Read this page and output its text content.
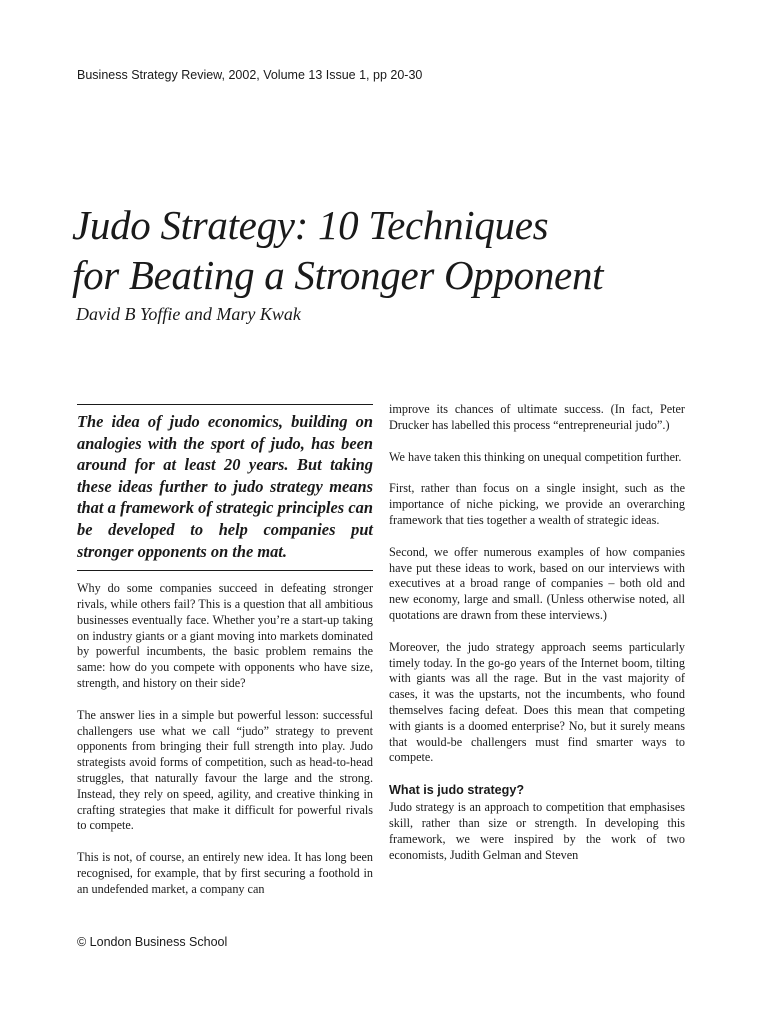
Business Strategy Review, 2002, Volume 13 Issue 1, pp 20-30
Judo Strategy: 10 Techniques
for Beating a Stronger Opponent
David B Yoffie and Mary Kwak

The idea of judo economics, building on analogies with the sport of judo, has been around for at least 20 years. But taking these ideas further to judo strategy means that a framework of strategic principles can be developed to help companies put stronger opponents on the mat.

Why do some companies succeed in defeating stronger rivals, while others fail? This is a question that all ambitious businesses eventually face. Whether you’re a start-up taking on industry giants or a giant moving into markets dominated by powerful incumbents, the basic problem remains the same: how do you compete with opponents who have size, strength, and history on their side?

The answer lies in a simple but powerful lesson: successful challengers use what we call “judo” strategy to prevent opponents from bringing their full strength into play. Judo strategists avoid forms of competition, such as head-to-head struggles, that naturally favour the large and the strong. Instead, they rely on speed, agility, and creative thinking in crafting strategies that make it difficult for powerful rivals to compete.

This is not, of course, an entirely new idea. It has long been recognised, for example, that by first securing a foothold in an undefended market, a company can

improve its chances of ultimate success. (In fact, Peter Drucker has labelled this process “entrepreneurial judo”.)

We have taken this thinking on unequal competition further.

First, rather than focus on a single insight, such as the importance of niche picking, we provide an overarching framework that ties together a wealth of strategic ideas.

Second, we offer numerous examples of how companies have put these ideas to work, based on our interviews with executives at a broad range of companies – both old and new economy, large and small. (Unless otherwise noted, all quotations are drawn from these interviews.)

Moreover, the judo strategy approach seems particularly timely today. In the go-go years of the Internet boom, tilting with giants was all the rage. But in the vast majority of cases, it was the upstarts, not the incumbents, who found themselves facing defeat. Does this mean that competing with giants is a doomed enterprise? No, but it surely means that would-be challengers must find smarter ways to compete.

What is judo strategy?

Judo strategy is an approach to competition that emphasises skill, rather than size or strength. In developing this framework, we were inspired by the work of two economists, Judith Gelman and Steven

© London Business School
